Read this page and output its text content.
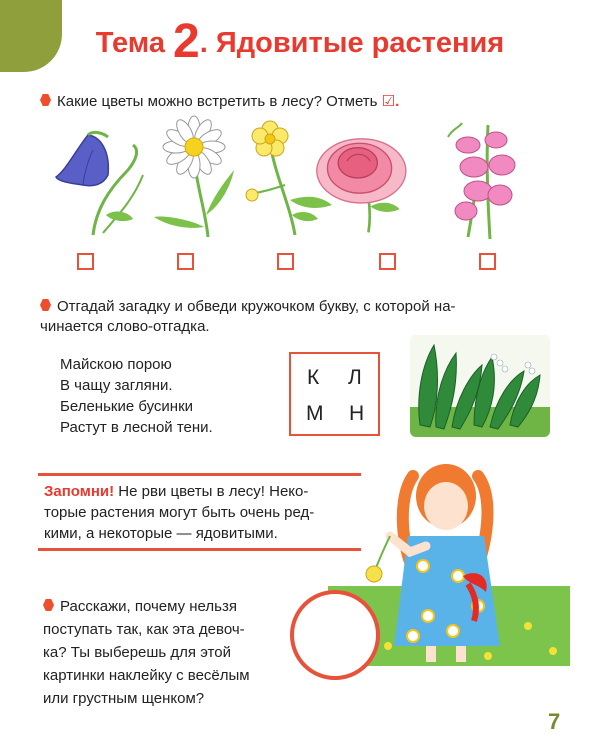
Тема 2. Ядовитые растения
Какие цветы можно встретить в лесу? Отметь ☑.
Отгадай загадку и обведи кружочком букву, с которой на-
чинается слово-отгадка.
Майскою порою
В чащу загляни.
Беленькие бусинки
Растут в лесной тени.
К Л
М Н
Запомни! Не рви цветы в лесу! Неко-
торые растения могут быть очень ред-
кими, а некоторые — ядовитыми.
Расскажи, почему нельзя
поступать так, как эта девоч-
ка? Ты выберешь для этой
картинки наклейку с весёлым
или грустным щенком?
7
